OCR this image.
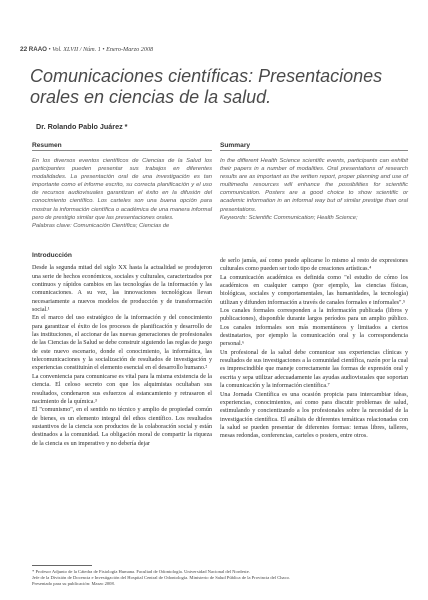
22 RAAO • Vol. XLVII / Núm. 1 • Enero-Marzo 2008
Comunicaciones científicas: Presentaciones orales en ciencias de la salud.
Dr. Rolando Pablo Juárez *
Resumen	Summary

En los diversos eventos científicos de Ciencias de la Salud los participantes pueden presentar sus trabajos en diferentes modalidades. La presentación oral de una investigación es tan importante como el informe escrito, su correcta planificación y el uso de recursos audiovisuales garantizan el éxito en la difusión del conocimiento científico. Los carteles son una buena opción para mostrar la información científica o académica de una manera informal pero de prestigio similar que las presentaciones orales.

Palabras clave: Comunicación Científica; Ciencias de

In the different Health Science scientific events, participants can exhibit their papers in a number of modalities. Oral presentations of research results are as important as the written report, proper planning and use of multimedia resources will enhance the possibilities for scientific communication. Posters are a good choice to show scientific or academic information in an informal way but of similar prestige than oral presentations.

Keywords: Scientific Communication; Health Science;

Introducción

Desde la segunda mitad del siglo XX hasta la actualidad se produjeron una serie de hechos económicos, sociales y culturales, caracterizados por continuos y rápidos cambios en las tecnologías de la información y las comunicaciones. A su vez, las innovaciones tecnológicas llevan necesariamente a nuevos modelos de producción y de transformación social.¹

En el marco del uso estratégico de la información y del conocimiento para garantizar el éxito de los procesos de planificación y desarrollo de las instituciones, el accionar de las nuevas generaciones de profesionales de las Ciencias de la Salud se debe construir siguiendo las reglas de juego de este nuevo escenario, donde el conocimiento, la informática, las telecomunicaciones y la socialización de resultados de investigación y experiencias constituirán el elemento esencial en el desarrollo humano.²

La conveniencia para comunicarse es vital para la misma existencia de la ciencia. El celoso secreto con que los alquimistas ocultaban sus resultados, condenaron sus esfuerzos al estancamiento y retrasaron el nacimiento de la química.³

El "comunismo", en el sentido no técnico y amplio de propiedad común de bienes, es un elemento integral del ethos científico. Los resultados sustantivos de la ciencia son productos de la colaboración social y están destinados a la comunidad. La obligación moral de compartir la riqueza de la ciencia es un imperativo y no debería dejar

de serlo jamás, así como puede aplicarse lo mismo al resto de expresiones culturales como pueden ser todo tipo de creaciones artísticas.⁴

La comunicación académica es definida como "el estudio de cómo los académicos en cualquier campo (por ejemplo, las ciencias físicas, biológicas, sociales y comportamentales, las humanidades, la tecnología) utilizan y difunden información a través de canales formales e informales".⁵

Los canales formales corresponden a la información publicada (libros y publicaciones), disponible durante largos períodos para un amplio público. Los canales informales son más momentáneos y limitados a ciertos destinatarios, por ejemplo la comunicación oral y la correspondencia personal.⁶

Un profesional de la salud debe comunicar sus experiencias clínicas y resultados de sus investigaciones a la comunidad científica, razón por la cual es imprescindible que maneje correctamente las formas de expresión oral y escrita y sepa utilizar adecuadamente las ayudas audiovisuales que soportan la comunicación y la información científica.⁷

Una Jornada Científica es una ocasión propicia para intercambiar ideas, experiencias, conocimientos, así como para discutir problemas de salud, estimulando y concientizando a los profesionales sobre la necesidad de la investigación científica. El análisis de diferentes temáticas relacionadas con la salud se pueden presentar de diferentes formas: temas libres, talleres, mesas redondas, conferencias, carteles o posters, entre otros.

* Profesor Adjunto de la Cátedra de Fisiología Humana. Facultad de Odontología. Universidad Nacional del Nordeste.

Jefe de la División de Docencia e Investigación del Hospital Central de Odontología. Ministerio de Salud Pública de la Provincia del Chaco.

Presentado para su publicación: Marzo 2008.
